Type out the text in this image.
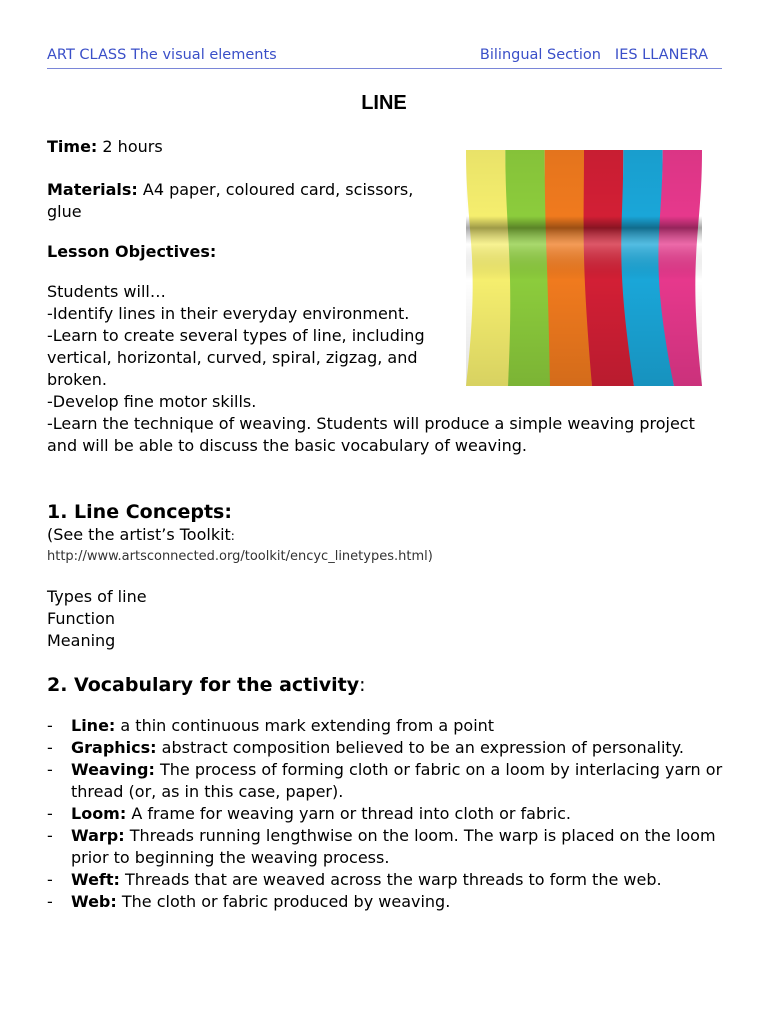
ART CLASS The visual elements	Bilingual Section IES LLANERA
LINE

Time: 2 hours

Materials: A4 paper, coloured card, scissors, glue

Lesson Objectives:

Students will…

-Identify lines in their everyday environment.

-Learn to create several types of line, including vertical, horizontal, curved, spiral, zigzag, and broken.

-Develop fine motor skills.

-Learn the technique of weaving. Students will produce a simple weaving project and will be able to discuss the basic vocabulary of weaving.

1. Line Concepts:

(See the artist’s Toolkit:

http://www.artsconnected.org/toolkit/encyc_linetypes.html)

Types of line

Function

Meaning

2. Vocabulary for the activity:
- Line: a thin continuous mark extending from a point
- Graphics: abstract composition believed to be an expression of personality.
- Weaving: The process of forming cloth or fabric on a loom by interlacing yarn or thread (or, as in this case, paper).
- Loom: A frame for weaving yarn or thread into cloth or fabric.
- Warp: Threads running lengthwise on the loom. The warp is placed on the loom prior to beginning the weaving process.
- Weft: Threads that are weaved across the warp threads to form the web.
- Web: The cloth or fabric produced by weaving.
